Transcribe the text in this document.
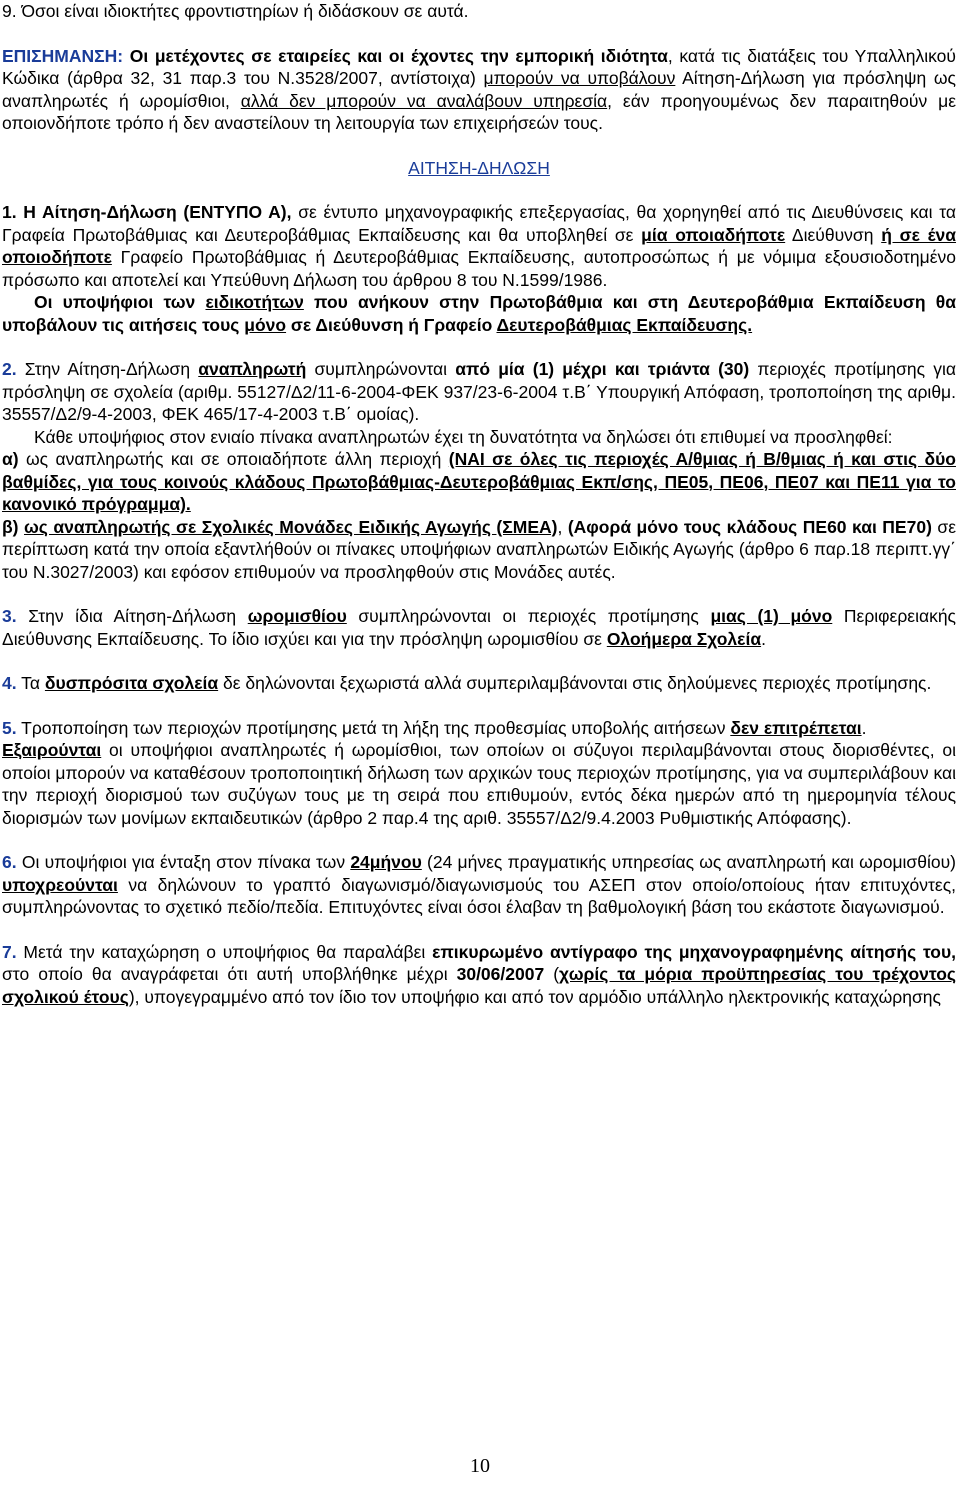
9. Όσοι είναι ιδιοκτήτες φροντιστηρίων ή διδάσκουν σε αυτά.

ΕΠΙΣΗΜΑΝΣΗ: Οι μετέχοντες σε εταιρείες και οι έχοντες την εμπορική ιδιότητα, κατά τις διατάξεις του Υπαλληλικού Κώδικα (άρθρα 32, 31 παρ.3 του Ν.3528/2007, αντίστοιχα) μπορούν να υποβάλουν Αίτηση-Δήλωση για πρόσληψη ως αναπληρωτές ή ωρομίσθιοι, αλλά δεν μπορούν να αναλάβουν υπηρεσία, εάν προηγουμένως δεν παραιτηθούν με οποιονδήποτε τρόπο ή δεν αναστείλουν τη λειτουργία των επιχειρήσεών τους.

ΑΙΤΗΣΗ-ΔΗΛΩΣΗ

1. Η Αίτηση-Δήλωση (ΕΝΤΥΠΟ Α), σε έντυπο μηχανογραφικής επεξεργασίας, θα χορηγηθεί από τις Διευθύνσεις και τα Γραφεία Πρωτοβάθμιας και Δευτεροβάθμιας Εκπαίδευσης και θα υποβληθεί σε μία οποιαδήποτε Διεύθυνση ή σε ένα οποιοδήποτε Γραφείο Πρωτοβάθμιας ή Δευτεροβάθμιας Εκπαίδευσης, αυτοπροσώπως ή με νόμιμα εξουσιοδοτημένο πρόσωπο και αποτελεί και Υπεύθυνη Δήλωση του άρθρου 8 του Ν.1599/1986.

Οι υποψήφιοι των ειδικοτήτων που ανήκουν στην Πρωτοβάθμια και στη Δευτεροβάθμια Εκπαίδευση θα υποβάλουν τις αιτήσεις τους μόνο σε Διεύθυνση ή Γραφείο Δευτεροβάθμιας Εκπαίδευσης.

2. Στην Αίτηση-Δήλωση αναπληρωτή συμπληρώνονται από μία (1) μέχρι και τριάντα (30) περιοχές προτίμησης για πρόσληψη σε σχολεία (αριθμ. 55127/Δ2/11-6-2004-ΦΕΚ 937/23-6-2004 τ.Β΄ Υπουργική Απόφαση, τροποποίηση της αριθμ. 35557/Δ2/9-4-2003, ΦΕΚ 465/17-4-2003 τ.Β΄ ομοίας).

Κάθε υποψήφιος στον ενιαίο πίνακα αναπληρωτών έχει τη δυνατότητα να δηλώσει ότι επιθυμεί να προσληφθεί:

α) ως αναπληρωτής και σε οποιαδήποτε άλλη περιοχή (ΝΑΙ σε όλες τις περιοχές Α/θμιας ή Β/θμιας ή και στις δύο βαθμίδες, για τους κοινούς κλάδους Πρωτοβάθμιας-Δευτεροβάθμιας Εκπ/σης, ΠΕ05, ΠΕ06, ΠΕ07 και ΠΕ11 για το κανονικό πρόγραμμα).

β) ως αναπληρωτής σε Σχολικές Μονάδες Ειδικής Αγωγής (ΣΜΕΑ), (Αφορά μόνο τους κλάδους ΠΕ60 και ΠΕ70) σε περίπτωση κατά την οποία εξαντλήθούν οι πίνακες υποψήφιων αναπληρωτών Ειδικής Αγωγής (άρθρο 6 παρ.18 περιπτ.γγ΄ του Ν.3027/2003) και εφόσον επιθυμούν να προσληφθούν στις Μονάδες αυτές.

3. Στην ίδια Αίτηση-Δήλωση ωρομισθίου συμπληρώνονται οι περιοχές προτίμησης μιας (1) μόνο Περιφερειακής Διεύθυνσης Εκπαίδευσης. Το ίδιο ισχύει και για την πρόσληψη ωρομισθίου σε Ολοήμερα Σχολεία.

4. Τα δυσπρόσιτα σχολεία δε δηλώνονται ξεχωριστά αλλά συμπεριλαμβάνονται στις δηλούμενες περιοχές προτίμησης.

5. Τροποποίηση των περιοχών προτίμησης μετά τη λήξη της προθεσμίας υποβολής αιτήσεων δεν επιτρέπεται.

Εξαιρούνται οι υποψήφιοι αναπληρωτές ή ωρομίσθιοι, των οποίων οι σύζυγοι περιλαμβάνονται στους διορισθέντες, οι οποίοι μπορούν να καταθέσουν τροποποιητική δήλωση των αρχικών τους περιοχών προτίμησης, για να συμπεριλάβουν και την περιοχή διορισμού των συζύγων τους με τη σειρά που επιθυμούν, εντός δέκα ημερών από τη ημερομηνία τέλους διορισμών των μονίμων εκπαιδευτικών (άρθρο 2 παρ.4 της αριθ. 35557/Δ2/9.4.2003 Ρυθμιστικής Απόφασης).

6. Οι υποψήφιοι για ένταξη στον πίνακα των 24μήνου (24 μήνες πραγματικής υπηρεσίας ως αναπληρωτή και ωρομισθίου) υποχρεούνται να δηλώνουν το γραπτό διαγωνισμό/διαγωνισμούς του ΑΣΕΠ στον οποίο/οποίους ήταν επιτυχόντες, συμπληρώνοντας το σχετικό πεδίο/πεδία. Επιτυχόντες είναι όσοι έλαβαν τη βαθμολογική βάση του εκάστοτε διαγωνισμού.

7. Μετά την καταχώρηση ο υποψήφιος θα παραλάβει επικυρωμένο αντίγραφο της μηχανογραφημένης αίτησής του, στο οποίο θα αναγράφεται ότι αυτή υποβλήθηκε μέχρι 30/06/2007 (χωρίς τα μόρια προϋπηρεσίας του τρέχοντος σχολικού έτους), υπογεγραμμένο από τον ίδιο τον υποψήφιο και από τον αρμόδιο υπάλληλο ηλεκτρονικής καταχώρησης

10
